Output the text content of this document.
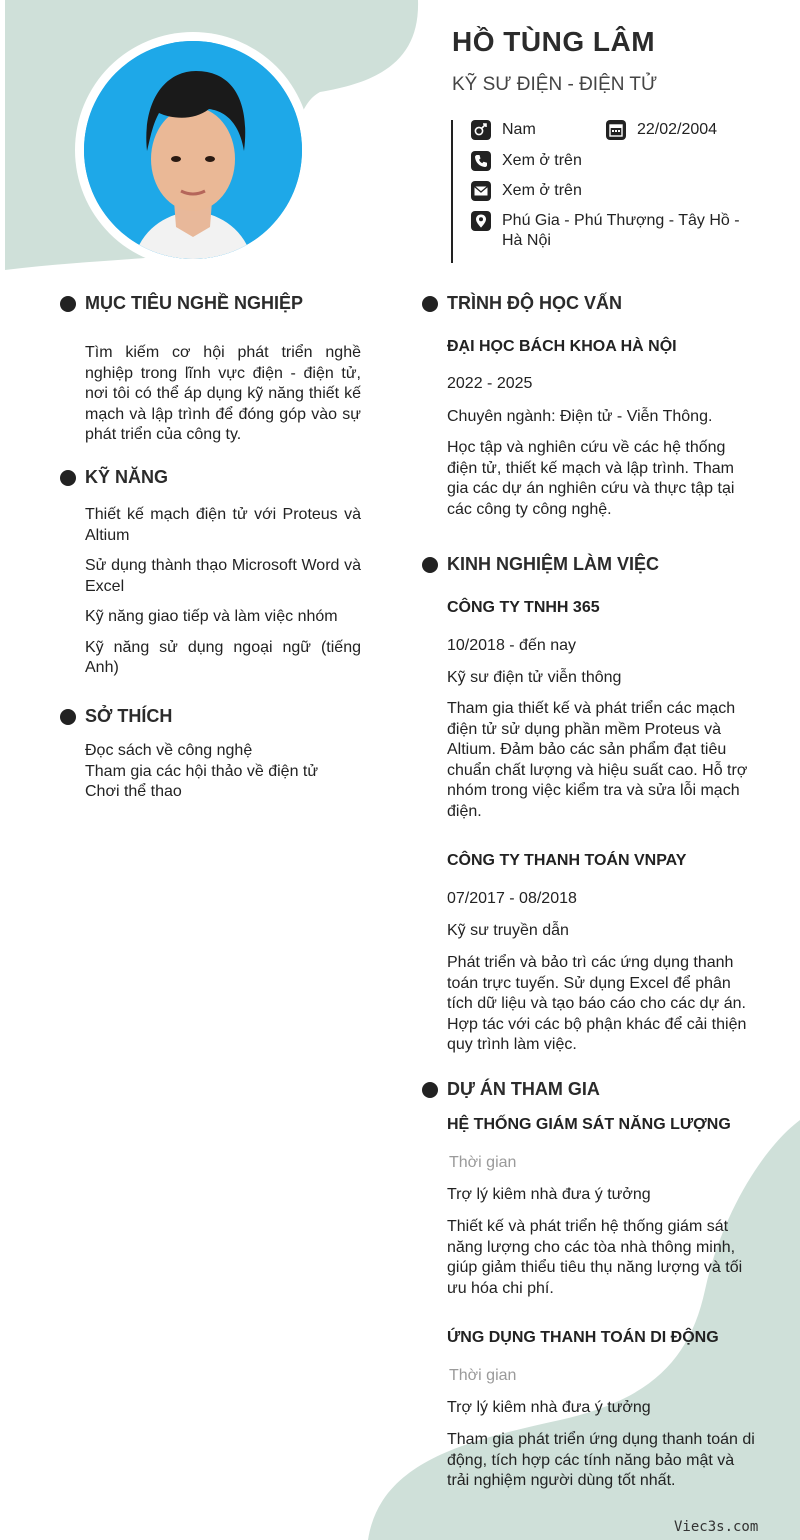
HỒ TÙNG LÂM
KỸ SƯ ĐIỆN - ĐIỆN TỬ
Nam	22/02/2004
Xem ở trên
Xem ở trên
Phú Gia - Phú Thượng - Tây Hồ -
Hà Nội
MỤC TIÊU NGHỀ NGHIỆP
Tìm kiếm cơ hội phát triển nghề nghiệp trong lĩnh vực điện - điện tử, nơi tôi có thể áp dụng kỹ năng thiết kế mạch và lập trình để đóng góp vào sự phát triển của công ty.
KỸ NĂNG
Thiết kế mạch điện tử với Proteus và Altium
Sử dụng thành thạo Microsoft Word và Excel
Kỹ năng giao tiếp và làm việc nhóm
Kỹ năng sử dụng ngoại ngữ (tiếng Anh)
SỞ THÍCH
Đọc sách về công nghệ
Tham gia các hội thảo về điện tử
Chơi thể thao
TRÌNH ĐỘ HỌC VẤN
ĐẠI HỌC BÁCH KHOA HÀ NỘI
2022 - 2025
Chuyên ngành: Điện tử - Viễn Thông.
Học tập và nghiên cứu về các hệ thống điện tử, thiết kế mạch và lập trình. Tham gia các dự án nghiên cứu và thực tập tại các công ty công nghệ.
KINH NGHIỆM LÀM VIỆC
CÔNG TY TNHH 365
10/2018 - đến nay
Kỹ sư điện tử viễn thông
Tham gia thiết kế và phát triển các mạch điện tử sử dụng phần mềm Proteus và Altium. Đảm bảo các sản phẩm đạt tiêu chuẩn chất lượng và hiệu suất cao. Hỗ trợ nhóm trong việc kiểm tra và sửa lỗi mạch điện.
CÔNG TY THANH TOÁN VNPAY
07/2017 - 08/2018
Kỹ sư truyền dẫn
Phát triển và bảo trì các ứng dụng thanh toán trực tuyến. Sử dụng Excel để phân tích dữ liệu và tạo báo cáo cho các dự án. Hợp tác với các bộ phận khác để cải thiện quy trình làm việc.
DỰ ÁN THAM GIA
HỆ THỐNG GIÁM SÁT NĂNG LƯỢNG
Thời gian
Trợ lý kiêm nhà đưa ý tưởng
Thiết kế và phát triển hệ thống giám sát năng lượng cho các tòa nhà thông minh, giúp giảm thiểu tiêu thụ năng lượng và tối ưu hóa chi phí.
ỨNG DỤNG THANH TOÁN DI ĐỘNG
Thời gian
Trợ lý kiêm nhà đưa ý tưởng
Tham gia phát triển ứng dụng thanh toán di động, tích hợp các tính năng bảo mật và trải nghiệm người dùng tốt nhất.
Viec3s.com
